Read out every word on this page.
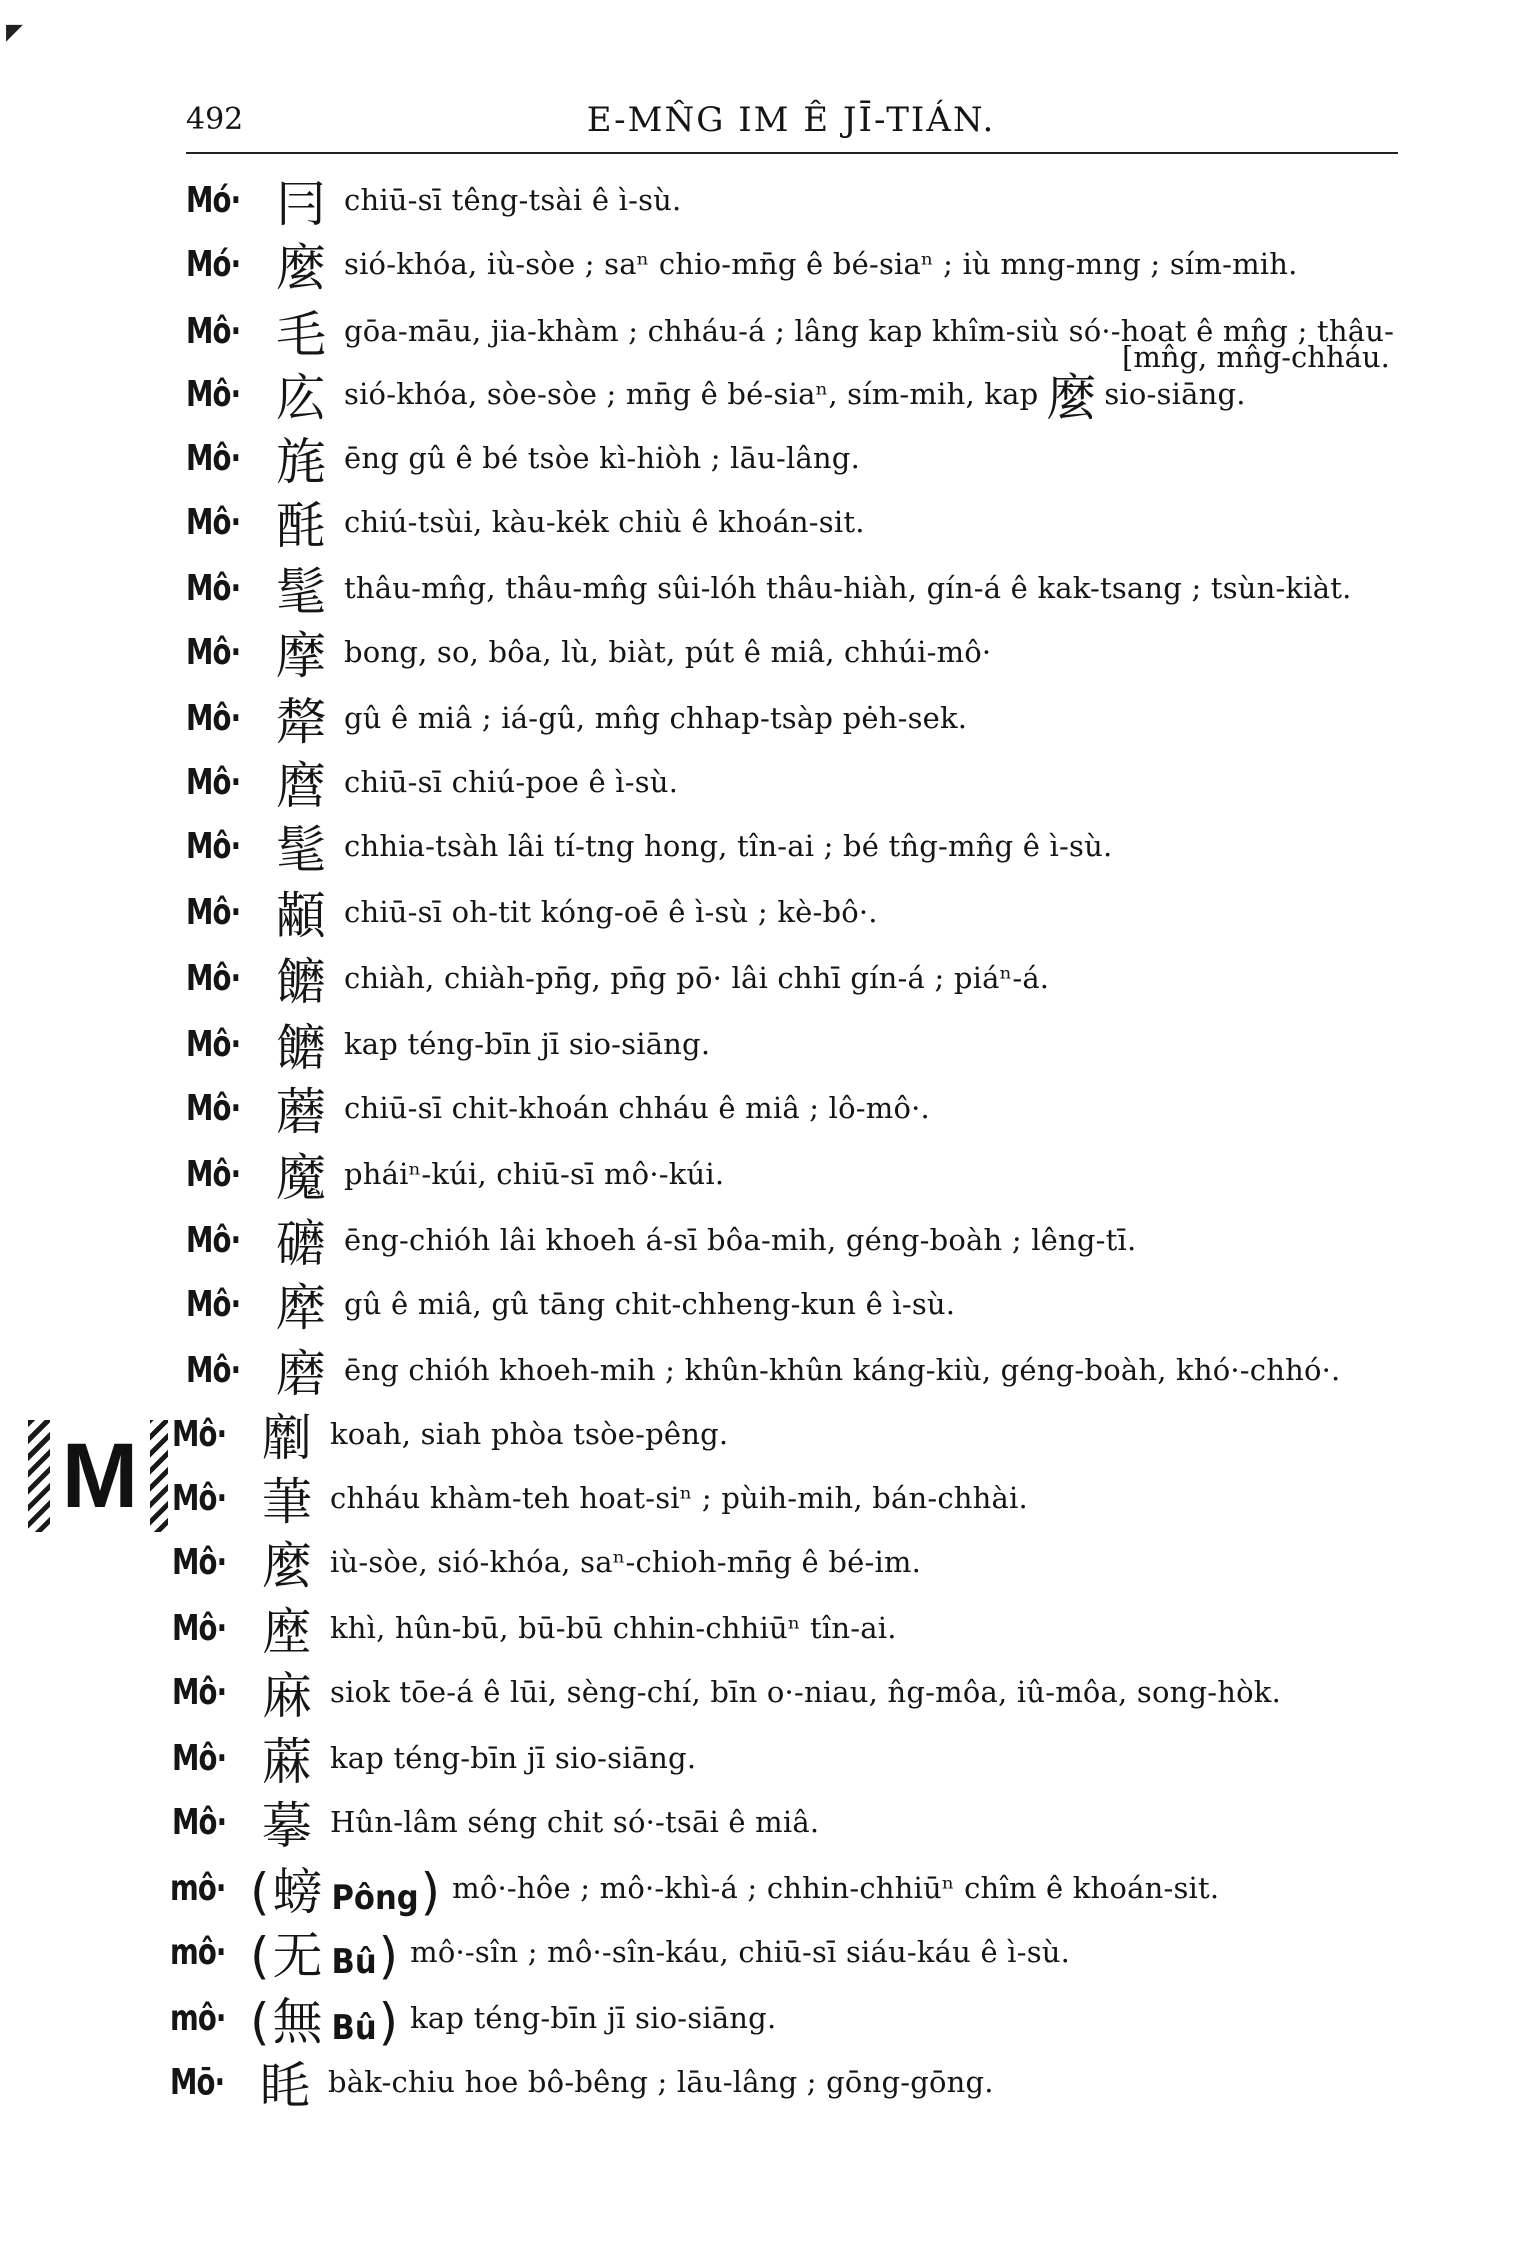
◤
492	E-MN̂G IM Ê JĪ-TIÁN.
M
Mó· 冃 chiū-sī têng-tsài ê ì-sù.
Mó· 麼 sió-khóa, iù-sòe ; saⁿ chio-mn̄g ê bé-siaⁿ ; iù mng-mng ; sím-mih.
Mô· 毛 gōa-māu, jia-khàm ; chháu-á ; lâng kap khîm-siù só·-hoat ê mn̂g ; thâu-
Mô· 庅 sió-khóa, sòe-sòe ; mn̄g ê bé-siaⁿ, sím-mih, kap 麼 sio-siāng.
[mn̂g, mn̂g-chháu.
Mô· 旄 ēng gû ê bé tsòe kì-hiòh ; lāu-lâng.
Mô· 酕 chiú-tsùi, kàu-kėk chiù ê khoán-sit.
Mô· 髦 thâu-mn̂g, thâu-mn̂g sûi-lóh thâu-hiàh, gín-á ê kak-tsang ; tsùn-kiàt.
Mô· 摩 bong, so, bôa, lù, biàt, pút ê miâ, chhúi-mô·
Mô· 犛 gû ê miâ ; iá-gû, mn̂g chhap-tsàp pėh-sek.
Mô· 麿 chiū-sī chiú-poe ê ì-sù.
Mô· 髦 chhia-tsàh lâi tí-tng hong, tîn-ai ; bé tn̂g-mn̂g ê ì-sù.
Mô· 顢 chiū-sī oh-tit kóng-oē ê ì-sù ; kè-bô·.
Mô· 饝 chiàh, chiàh-pn̄g, pn̄g pō· lâi chhī gín-á ; piáⁿ-á.
Mô· 饝 kap téng-bīn jī sio-siāng.
Mô· 蘑 chiū-sī chit-khoán chháu ê miâ ; lô-mô·.
Mô· 魔 pháiⁿ-kúi, chiū-sī mô·-kúi.
Mô· 礳 ēng-chióh lâi khoeh á-sī bôa-mih, géng-boàh ; lêng-tī.
Mô· 犘 gû ê miâ, gû tāng chit-chheng-kun ê ì-sù.
Mô· 磨 ēng chióh khoeh-mih ; khûn-khûn káng-kiù, géng-boàh, khó·-chhó·.
Mô· 劘 koah, siah phòa tsòe-pêng.
Mô· 茟 chháu khàm-teh hoat-siⁿ ; pùih-mih, bán-chhài.
Mô· 麼 iù-sòe, sió-khóa, saⁿ-chioh-mn̄g ê bé-im.
Mô· 塺 khì, hûn-bū, bū-bū chhin-chhiūⁿ tîn-ai.
Mô· 麻 siok tōe-á ê lūi, sèng-chí, bīn o·-niau, n̂g-môa, iû-môa, song-hòk.
Mô· 蔴 kap téng-bīn jī sio-siāng.
Mô· 摹 Hûn-lâm séng chit só·-tsāi ê miâ.
mô· (螃 Pông) mô·-hôe ; mô·-khì-á ; chhin-chhiūⁿ chîm ê khoán-sit.
mô· (无 Bû) mô·-sîn ; mô·-sîn-káu, chiū-sī siáu-káu ê ì-sù.
mô· (無 Bû) kap téng-bīn jī sio-siāng.
Mō· 眊 bàk-chiu hoe bô-bêng ; lāu-lâng ; gōng-gōng.
